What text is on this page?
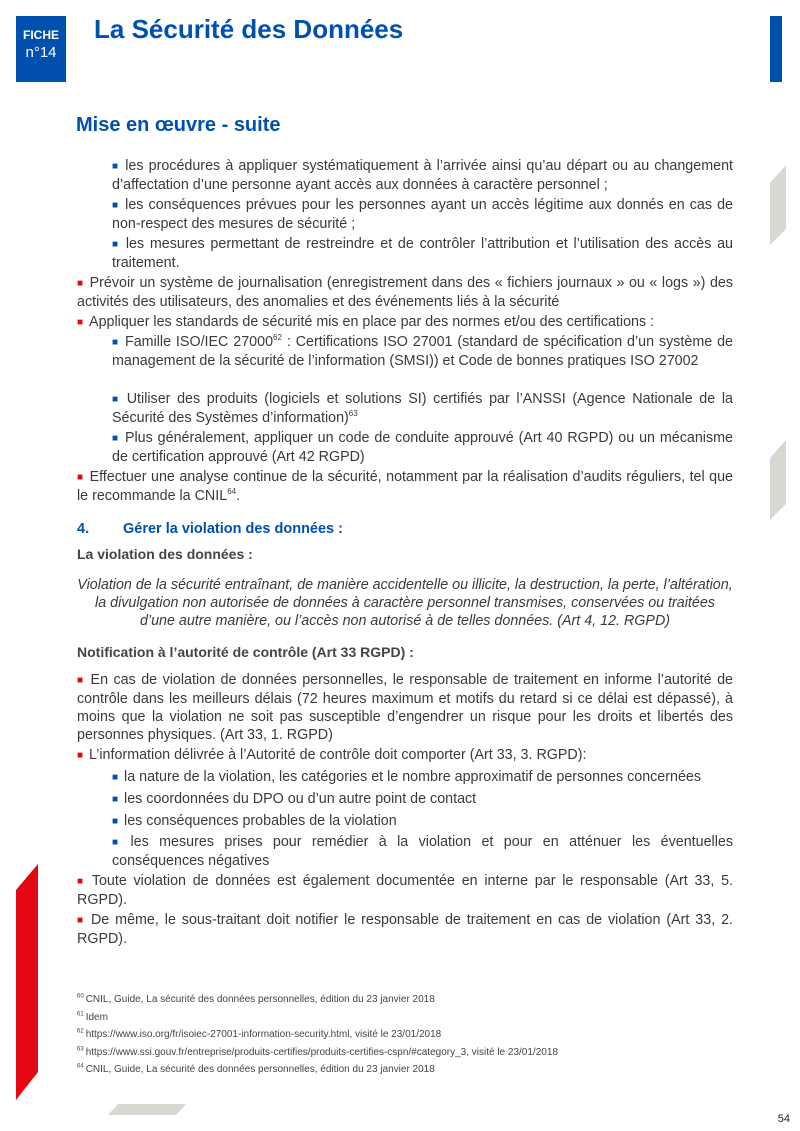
FICHE
n°14
La Sécurité des Données
Mise en œuvre - suite

■ les procédures à appliquer systématiquement à l’arrivée ainsi qu’au départ ou au changement d’affectation d’une personne ayant accès aux données à caractère personnel ;

■ les conséquences prévues pour les personnes ayant un accès légitime aux donnés en cas de non-respect des mesures de sécurité ;

■ les mesures permettant de restreindre et de contrôler l’attribution et l’utilisation des accès au traitement.

■ Prévoir un système de journalisation (enregistrement dans des « fichiers journaux » ou « logs ») des activités des utilisateurs, des anomalies et des événements liés à la sécurité

■ Appliquer les standards de sécurité mis en place par des normes et/ou des certifications :

■ Famille ISO/IEC 27000$^{62}$ : Certifications ISO 27001 (standard de spécification d’un système de management de la sécurité de l’information (SMSI)) et Code de bonnes pratiques ISO 27002

■ Utiliser des produits (logiciels et solutions SI) certifiés par l’ANSSI (Agence Nationale de la Sécurité des Systèmes d’information)$^{63}$

■ Plus généralement, appliquer un code de conduite approuvé (Art 40 RGPD) ou un mécanisme de certification approuvé (Art 42 RGPD)

■ Effectuer une analyse continue de la sécurité, notamment par la réalisation d’audits réguliers, tel que le recommande la CNIL$^{64}$.

4. Gérer la violation des données :

La violation des données :

Violation de la sécurité entraînant, de manière accidentelle ou illicite, la destruction, la perte, l’altération, la divulgation non autorisée de données à caractère personnel transmises, conservées ou traitées d’une autre manière, ou l’accès non autorisé à de telles données. (Art 4, 12. RGPD)

Notification à l’autorité de contrôle (Art 33 RGPD) :

■ En cas de violation de données personnelles, le responsable de traitement en informe l’autorité de contrôle dans les meilleurs délais (72 heures maximum et motifs du retard si ce délai est dépassé), à moins que la violation ne soit pas susceptible d’engendrer un risque pour les droits et libertés des personnes physiques. (Art 33, 1. RGPD)

■ L’information délivrée à l’Autorité de contrôle doit comporter (Art 33, 3. RGPD):

■ la nature de la violation, les catégories et le nombre approximatif de personnes concernées

■ les coordonnées du DPO ou d’un autre point de contact

■ les conséquences probables de la violation

■ les mesures prises pour remédier à la violation et pour en atténuer les éventuelles conséquences négatives

■ Toute violation de données est également documentée en interne par le responsable (Art 33, 5. RGPD).

■ De même, le sous-traitant doit notifier le responsable de traitement en cas de violation (Art 33, 2. RGPD).

$^{60}$ CNIL, Guide, La sécurité des données personnelles, édition du 23 janvier 2018

$^{61}$ Idem

$^{62}$ https://www.iso.org/fr/isoiec-27001-information-security.html, visité le 23/01/2018

$^{63}$ https://www.ssi.gouv.fr/entreprise/produits-certifies/produits-certifies-cspn/#category_3, visité le 23/01/2018

$^{64}$ CNIL, Guide, La sécurité des données personnelles, édition du 23 janvier 2018

54
